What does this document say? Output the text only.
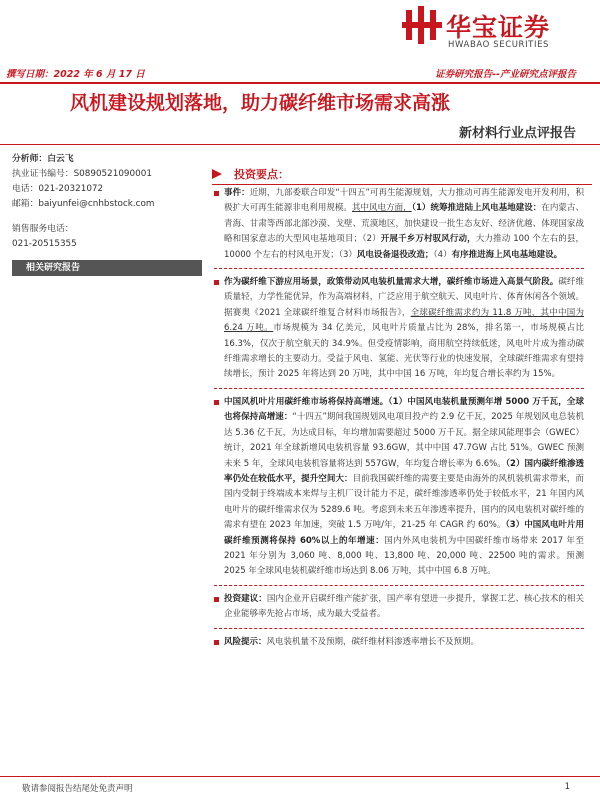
华宝证券
HWABAO SECURITIES
撰写日期：2022 年 6 月 17 日	证券研究报告--产业研究点评报告
风机建设规划落地，助力碳纤维市场需求高涨
新材料行业点评报告
分析师：白云飞
执业证书编号：S0890521090001
电话：021-20321072
邮箱：baiyunfei@cnhbstock.com
销售服务电话：
021-20515355
相关研究报告
投资要点：

事件：近期，九部委联合印发“十四五”可再生能源规划，大力推动可再生能源发电开发利用，积极扩大可再生能源非电利用规模。其中风电方面，（1）统筹推进陆上风电基地建设：在内蒙古、青海、甘肃等西部北部沙漠、戈壁、荒漠地区，加快建设一批生态友好、经济优越、体现国家战略和国家意志的大型风电基地项目；（2）开展千乡万村驭风行动，大力推动 100 个左右的县，10000 个左右的村风电开发；（3）风电设备退役改造；（4）有序推进海上风电基地建设。

作为碳纤维下游应用场景，政策带动风电装机量需求大增，碳纤维市场进入高景气阶段。碳纤维质量轻，力学性能优异，作为高端材料，广泛应用于航空航天、风电叶片、体育休闲各个领域。据赛奥《2021 全球碳纤维复合材料市场报告》，全球碳纤维需求约为 11.8 万吨，其中中国为 6.24 万吨。市场规模为 34 亿美元，风电叶片质量占比为 28%，排名第一，市场规模占比 16.3%，仅次于航空航天的 34.9%。但受疫情影响，商用航空持续低迷，风电叶片成为推动碳纤维需求增长的主要动力。受益于风电、氢能、光伏等行业的快速发展，全球碳纤维需求有望持续增长，预计 2025 年将达到 20 万吨，其中中国 16 万吨，年均复合增长率约为 15%。

中国风机叶片用碳纤维市场将保持高增速。（1）中国风电装机量预测年增 5000 万千瓦，全球也将保持高增速：“十四五”期间我国规划风电项目投产约 2.9 亿千瓦，2025 年规划风电总装机达 5.36 亿千瓦，为达成目标，年均增加需要超过 5000 万千瓦。据全球风能理事会（GWEC）统计，2021 年全球新增风电装机容量 93.6GW，其中中国 47.7GW 占比 51%。GWEC 预测未来 5 年，全球风电装机容量将达到 557GW，年均复合增长率为 6.6%。（2）国内碳纤维渗透率仍处在较低水平，提升空间大：目前我国碳纤维的需要主要是由海外的风机装机需求带来，而国内受制于终端成本来焊与主机厂设计能力不足，碳纤维渗透率仍处于较低水平，21 年国内风电叶片的碳纤维需求仅为 5289.6 吨。考虑到未来五年渗透率提升，国内的风电装机对碳纤维的需求有望在 2023 年加速，突破 1.5 万吨/年，21-25 年 CAGR 约 60%。（3）中国风电叶片用碳纤维预测将保持 60%以上的年增速：国内外风电装机为中国碳纤维市场带来 2017 年至 2021 年分别为 3,060 吨、8,000 吨、13,800 吨、20,000 吨、22500 吨的需求。预测 2025 年全球风电装机碳纤维市场达到 8.06 万吨，其中中国 6.8 万吨。

投资建议：国内企业开启碳纤维产能扩张，国产率有望进一步提升，掌握工艺、核心技术的相关企业能够率先抢占市场，成为最大受益者。

风险提示：风电装机量不及预期，碳纤维材料渗透率增长不及预期。

敬请参阅报告结尾处免责声明	1
